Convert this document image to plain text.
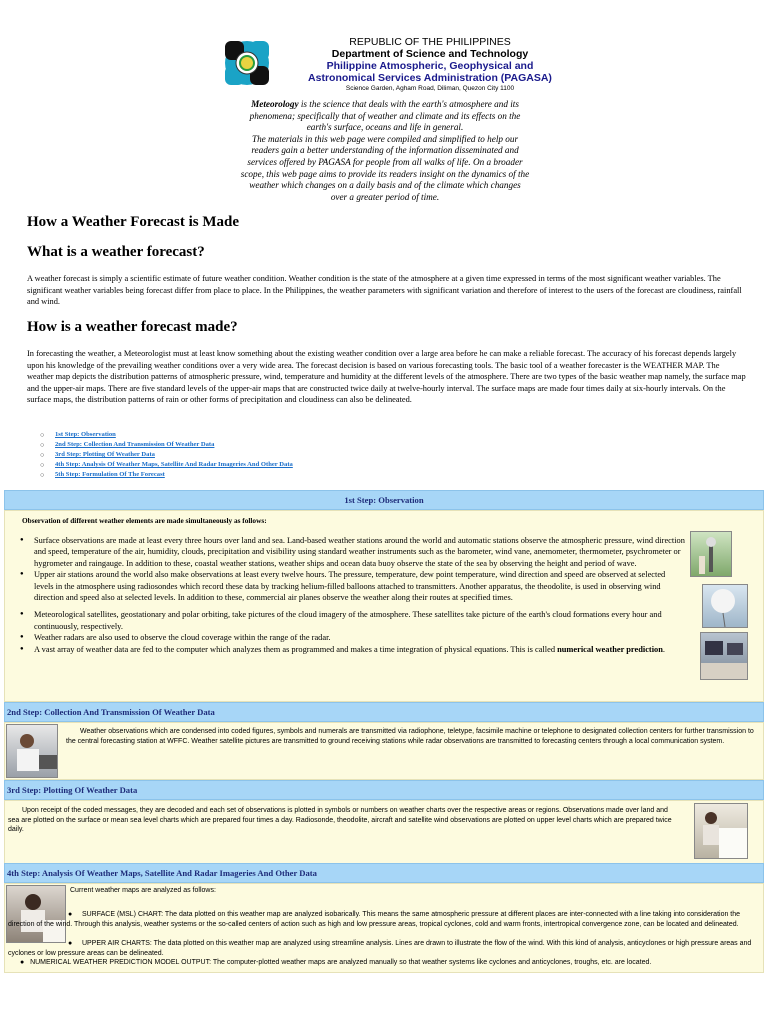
REPUBLIC OF THE PHILIPPINES
Department of Science and Technology
Philippine Atmospheric, Geophysical and
Astronomical Services Administration (PAGASA)
Science Garden, Agham Road, Diliman, Quezon City 1100
Meteorology is the science that deals with the earth's atmosphere and its phenomena; specifically that of weather and climate and its effects on the earth's surface, oceans and life in general.
The materials in this web page were compiled and simplified to help our readers gain a better understanding of the information disseminated and services offered by PAGASA for people from all walks of life. On a broader scope, this web page aims to provide its readers insight on the dynamics of the weather which changes on a daily basis and of the climate which changes over a greater period of time.
How a Weather Forecast is Made
What is a weather forecast?
A weather forecast is simply a scientific estimate of future weather condition. Weather condition is the state of the atmosphere at a given time expressed in terms of the most significant weather variables. The significant weather variables being forecast differ from place to place. In the Philippines, the weather parameters with significant variation and therefore of interest to the users of the forecast are cloudiness, rainfall and wind.
How is a weather forecast made?
In forecasting the weather, a Meteorologist must at least know something about the existing weather condition over a large area before he can make a reliable forecast. The accuracy of his forecast depends largely upon his knowledge of the prevailing weather conditions over a very wide area. The forecast decision is based on various forecasting tools. The basic tool of a weather forecaster is the WEATHER MAP. The weather map depicts the distribution patterns of atmospheric pressure, wind, temperature and humidity at the different levels of the atmosphere. There are two types of the basic weather map namely, the surface map and the upper-air maps. There are five standard levels of the upper-air maps that are constructed twice daily at twelve-hourly interval. The surface maps are made four times daily at six-hourly intervals. On the surface maps, the distribution patterns of rain or other forms of precipitation and cloudiness can also be delineated.
○ 1st Step: Observation
○ 2nd Step: Collection And Transmission Of Weather Data
○ 3rd Step: Plotting Of Weather Data
○ 4th Step: Analysis Of Weather Maps, Satellite And Radar Imageries And Other Data
○ 5th Step: Formulation Of The Forecast
1st Step: Observation
Observation of different weather elements are made simultaneously as follows:
● Surface observations are made at least every three hours over land and sea. Land-based weather stations around the world and automatic stations observe the atmospheric pressure, wind direction and speed, temperature of the air, humidity, clouds, precipitation and visibility using standard weather instruments such as the barometer, wind vane, anemometer, thermometer, psychrometer or hygrometer and raingauge. In addition to these, coastal weather stations, weather ships and ocean data buoy observe the state of the sea by observing the height and period of wave.
● Upper air stations around the world also make observations at least every twelve hours. The pressure, temperature, dew point temperature, wind direction and speed are observed at selected levels in the atmosphere using radiosondes which record these data by tracking helium-filled balloons attached to transmitters. Another apparatus, the theodolite, is used in observing wind direction and speed also at selected levels. In addition to these, commercial air planes observe the weather along their routes at specified times.
● Meteorological satellites, geostationary and polar orbiting, take pictures of the cloud imagery of the atmosphere. These satellites take picture of the earth's cloud formations every hour and continuously, respectively.
● Weather radars are also used to observe the cloud coverage within the range of the radar.
● A vast array of weather data are fed to the computer which analyzes them as programmed and makes a time integration of physical equations. This is called numerical weather prediction.
2nd Step: Collection And Transmission Of Weather Data
Weather observations which are condensed into coded figures, symbols and numerals are transmitted via radiophone, teletype, facsimile machine or telephone to designated collection centers for further transmission to the central forecasting station at WFFC. Weather satellite pictures are transmitted to ground receiving stations while radar observations are transmitted to forecasting centers through a local communication system.
3rd Step: Plotting Of Weather Data
Upon receipt of the coded messages, they are decoded and each set of observations is plotted in symbols or numbers on weather charts over the respective areas or regions. Observations made over land and sea are plotted on the surface or mean sea level charts which are prepared four times a day. Radiosonde, theodolite, aircraft and satellite wind observations are plotted on upper level charts which are prepared twice daily.
4th Step: Analysis Of Weather Maps, Satellite And Radar Imageries And Other Data
Current weather maps are analyzed as follows:
●     SURFACE (MSL) CHART: The data plotted on this weather map are analyzed isobarically. This means the same atmospheric pressure at different places are inter-connected with a line taking into consideration the direction of the wind. Through this analysis, weather systems or the so-called centers of action such as high and low pressure areas, tropical cyclones, cold and warm fronts, intertropical convergence zone, can be located and delineated.
●     UPPER AIR CHARTS: The data plotted on this weather map are analyzed using streamline analysis. Lines are drawn to illustrate the flow of the wind. With this kind of analysis, anticyclones or high pressure areas and cyclones or low pressure areas can be delineated.
●   NUMERICAL WEATHER PREDICTION MODEL OUTPUT: The computer-plotted weather maps are analyzed manually so that weather systems like cyclones and anticyclones, troughs, etc. are located.
